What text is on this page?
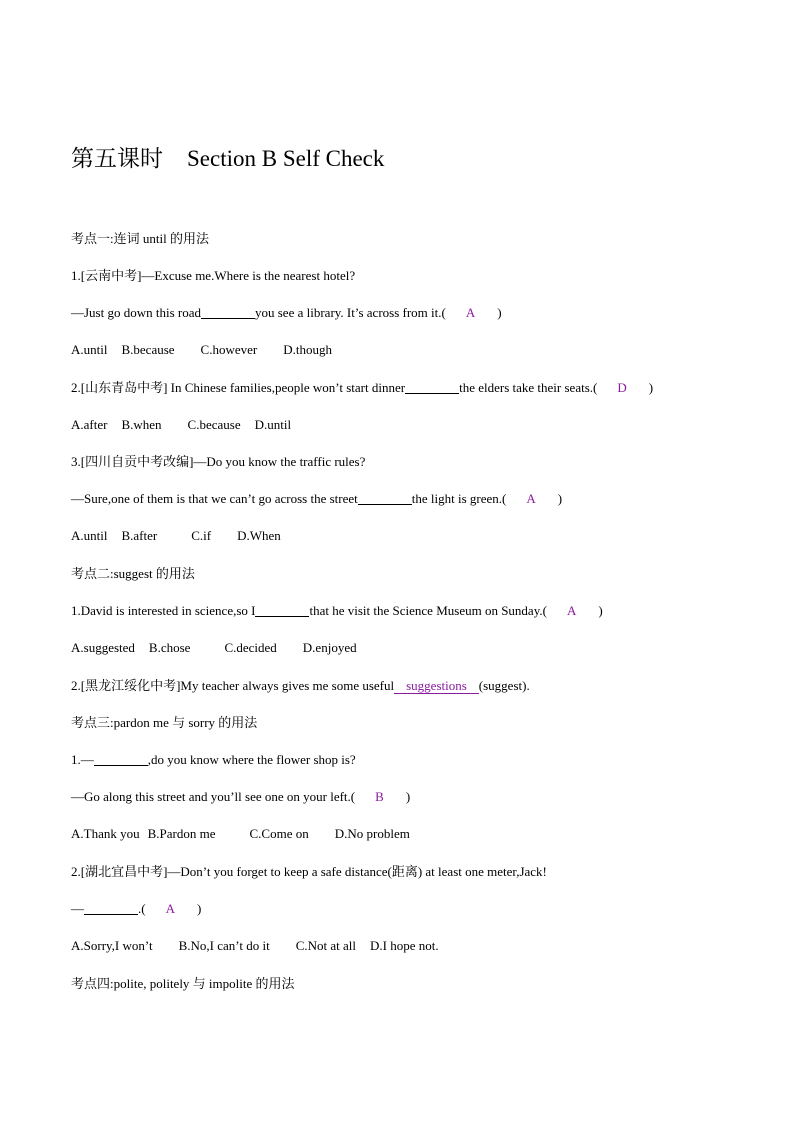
第五课时 Section B Self Check
考点一:连词 until 的用法
1.[云南中考]—Excuse me.Where is the nearest hotel?
—Just go down this road	you see a library. It’s across from it.( A )
A.until B.because C.however D.though
2.[山东青岛中考] In Chinese families,people won’t start dinner	the elders take their seats.( D )
A.after B.when C.because D.until
3.[四川自贡中考改编]—Do you know the traffic rules?
—Sure,one of them is that we can’t go across the street	the light is green.( A )
A.until B.after	C.if D.When
考点二:suggest 的用法
1.David is interested in science,so I	that he visit the Science Museum on Sunday.( A )
A.suggested B.chose	C.decided D.enjoyed
2.[黑龙江绥化中考]My teacher always gives me some useful suggestions (suggest).
考点三:pardon me 与 sorry 的用法
1.—	,do you know where the flower shop is?
—Go along this street and you’ll see one on your left.( B )
A.Thank you B.Pardon me	C.Come on D.No problem
2.[湖北宜昌中考]—Don’t you forget to keep a safe distance(距离) at least one meter,Jack!
—	.( A )
A.Sorry,I won’t B.No,I can’t do it C.Not at all D.I hope not.
考点四:polite, politely 与 impolite 的用法
